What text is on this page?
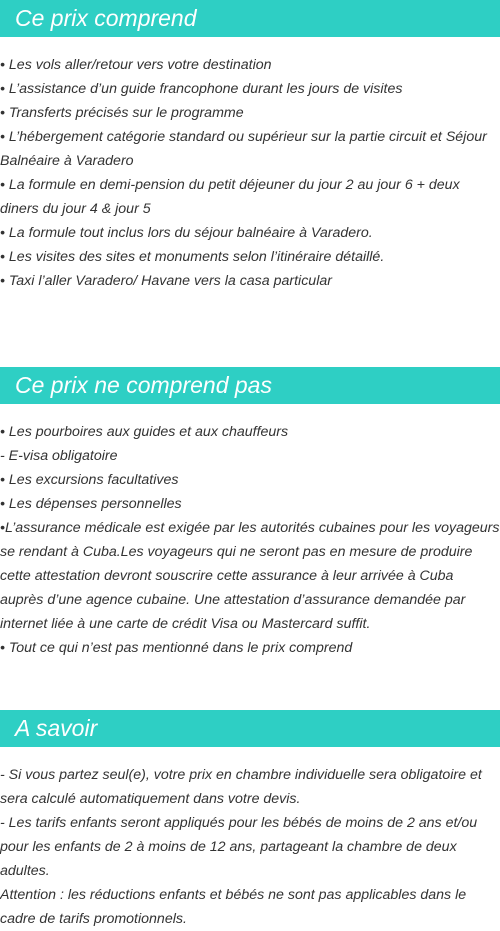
Ce prix comprend
• Les vols aller/retour vers votre destination
• L’assistance d’un guide francophone durant les jours de visites
• Transferts précisés sur le programme
• L’hébergement catégorie standard ou supérieur sur la partie circuit et Séjour Balnéaire à Varadero
• La formule en demi-pension du petit déjeuner du jour 2 au jour 6 + deux diners du jour 4 & jour 5
• La formule tout inclus lors du séjour balnéaire à Varadero.
• Les visites des sites et monuments selon l’itinéraire détaillé.
• Taxi l’aller Varadero/ Havane vers la casa particular
Ce prix ne comprend pas
• Les pourboires aux guides et aux chauffeurs
- E-visa obligatoire
• Les excursions facultatives
• Les dépenses personnelles
•L’assurance médicale est exigée par les autorités cubaines pour les voyageurs se rendant à Cuba.Les voyageurs qui ne seront pas en mesure de produire cette attestation devront souscrire cette assurance à leur arrivée à Cuba auprès d’une agence cubaine. Une attestation d’assurance demandée par internet liée à une carte de crédit Visa ou Mastercard suffit.
• Tout ce qui n’est pas mentionné dans le prix comprend
A savoir
- Si vous partez seul(e), votre prix en chambre individuelle sera obligatoire et sera calculé automatiquement dans votre devis.
- Les tarifs enfants seront appliqués pour les bébés de moins de 2 ans et/ou pour les enfants de 2 à moins de 12 ans, partageant la chambre de deux adultes.
Attention : les réductions enfants et bébés ne sont pas applicables dans le cadre de tarifs promotionnels.
